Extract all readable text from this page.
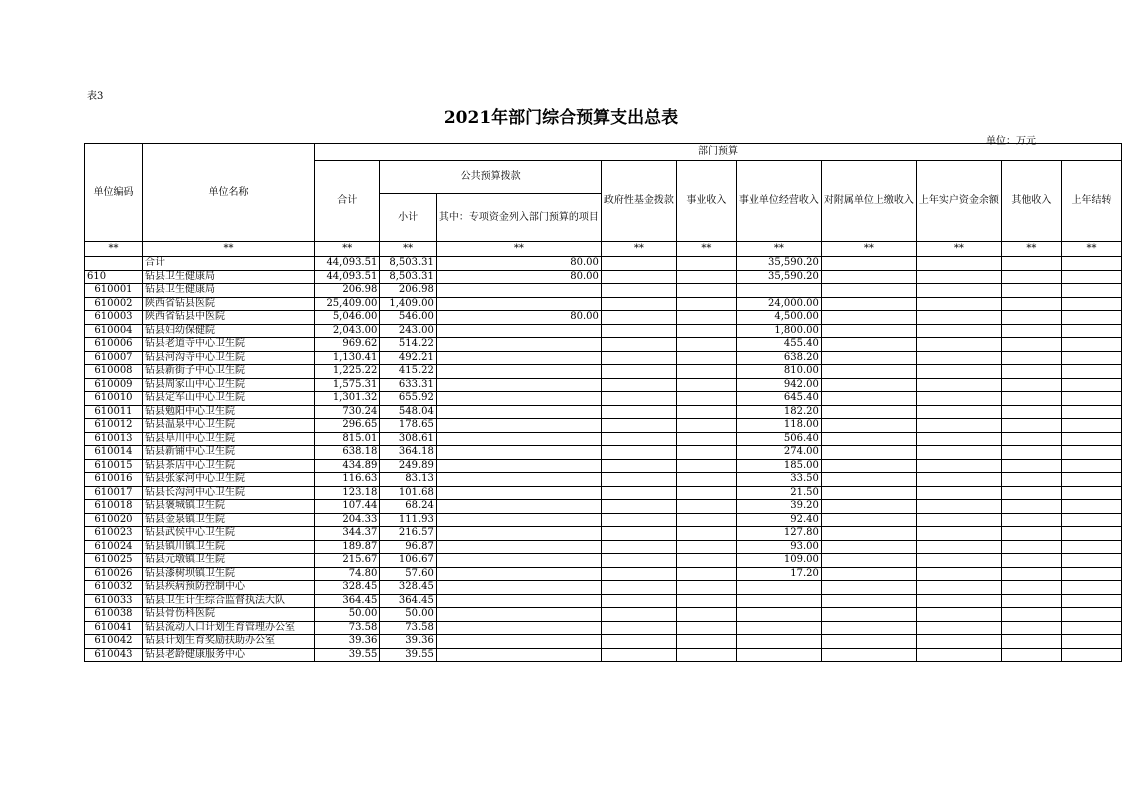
表3
2021年部门综合预算支出总表
单位：万元
单位编码	单位名称	部门预算									
		合计	公共预算拨款		政府性基金拨款	事业收入	事业单位经营收入	对附属单位上缴收入	上年实户资金余额	其他收入	上年结转
			小计	其中：专项资金列入部门预算的项目							
**	**	**	**	**	**	**	**	**	**	**	**
	合计	44,093.51	8,503.31	80.00			35,590.20				
610	钻县卫生健康局	44,093.51	8,503.31	80.00			35,590.20				
610001	钻县卫生健康局	206.98	206.98								
610002	陕西省钻县医院	25,409.00	1,409.00				24,000.00				
610003	陕西省钻县中医院	5,046.00	546.00	80.00			4,500.00				
610004	钻县妇幼保健院	2,043.00	243.00				1,800.00				
610006	钻县老道寺中心卫生院	969.62	514.22				455.40				
610007	钻县河沟寺中心卫生院	1,130.41	492.21				638.20				
610008	钻县新街子中心卫生院	1,225.22	415.22				810.00				
610009	钻县周家山中心卫生院	1,575.31	633.31				942.00				
610010	钻县定军山中心卫生院	1,301.32	655.92				645.40				
610011	钻县勉阳中心卫生院	730.24	548.04				182.20				
610012	钻县温泉中心卫生院	296.65	178.65				118.00				
610013	钻县阜川中心卫生院	815.01	308.61				506.40				
610014	钻县新铺中心卫生院	638.18	364.18				274.00				
610015	钻县茶店中心卫生院	434.89	249.89				185.00				
610016	钻县张家河中心卫生院	116.63	83.13				33.50				
610017	钻县长沟河中心卫生院	123.18	101.68				21.50				
610018	钻县褒城镇卫生院	107.44	68.24				39.20				
610020	钻县金泉镇卫生院	204.33	111.93				92.40				
610023	钻县武侯中心卫生院	344.37	216.57				127.80				
610024	钻县镇川镇卫生院	189.87	96.87				93.00				
610025	钻县元墩镇卫生院	215.67	106.67				109.00				
610026	钻县漆树坝镇卫生院	74.80	57.60				17.20				
610032	钻县疾病预防控制中心	328.45	328.45								
610033	钻县卫生计生综合监督执法大队	364.45	364.45								
610038	钻县骨伤科医院	50.00	50.00								
610041	钻县流动人口计划生育管理办公室	73.58	73.58								
610042	钻县计划生育奖励扶助办公室	39.36	39.36								
610043	钻县老龄健康服务中心	39.55	39.55								
